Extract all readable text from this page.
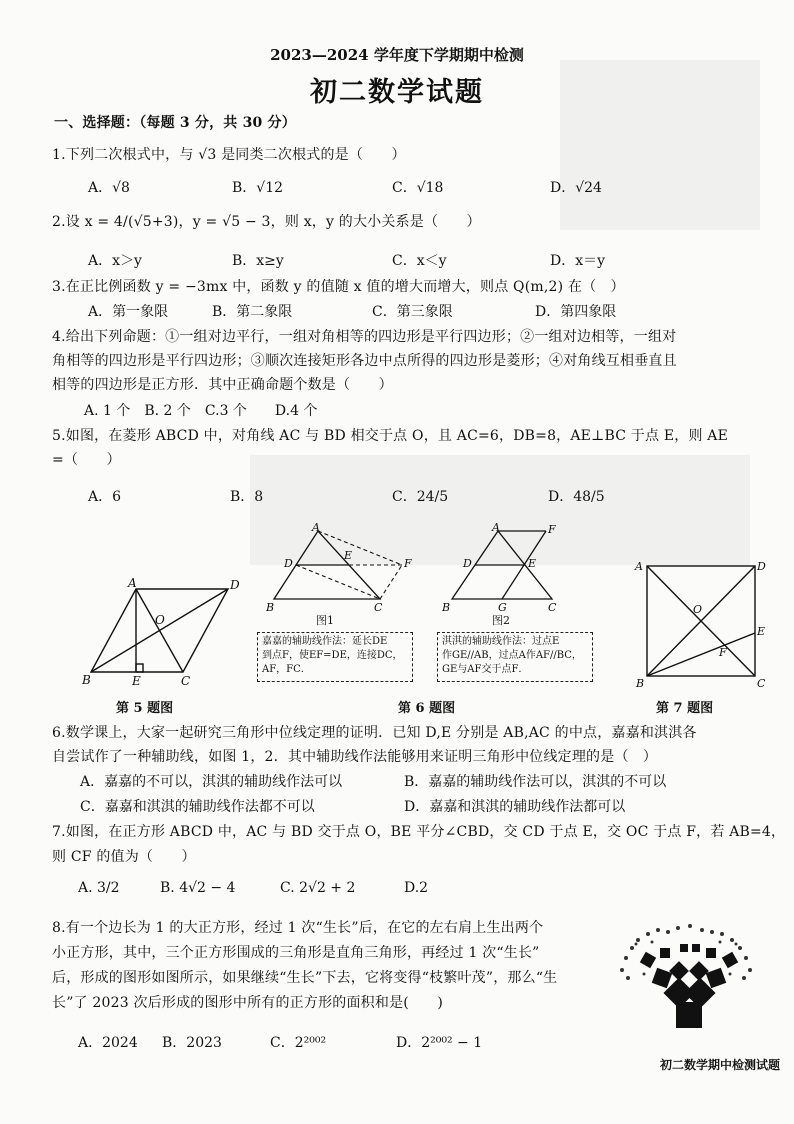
2023—2024 学年度下学期期中检测
初二数学试题
一、选择题：（每题 3 分，共 30 分）
1.下列二次根式中，与 √3 是同类二次根式的是（　　）
A．√8	B．√12	C．√18	D．√24
2.设 x = 4/(√5+3)，y = √5 − 3，则 x，y 的大小关系是（　　）
A．x＞y	B．x≥y	C．x＜y	D．x＝y
3.在正比例函数 y = −3mx 中，函数 y 的值随 x 值的增大而增大，则点 Q(m,2) 在（　）
A．第一象限	B．第二象限	C．第三象限	D．第四象限
4.给出下列命题：①一组对边平行，一组对角相等的四边形是平行四边形；②一组对边相等，一组对
角相等的四边形是平行四边形；③顺次连接矩形各边中点所得的四边形是菱形；④对角线互相垂直且
相等的四边形是正方形．其中正确命题个数是（　　）
A. 1 个　B. 2 个　C.3 个　　D.4 个
5.如图，在菱形 ABCD 中，对角线 AC 与 BD 相交于点 O，且 AC=6，DB=8，AE⊥BC 于点 E，则 AE
=（　　）
A．6	B．8	C．24/5	D．48/5
A	D
O
B	E	C
第 5 题图
A
D
E
F
B	C
图1
A	F
D	E
B	G	C
图2
嘉嘉的辅助线作法：延长DE
到点F，使EF=DE，连接DC，
AF，FC．
淇淇的辅助线作法：过点E
作GE//AB，过点A作AF//BC，
GE与AF交于点F．
第 6 题图
A	D
O
E
F
B	C
第 7 题图
6.数学课上，大家一起研究三角形中位线定理的证明．已知 D,E 分别是 AB,AC 的中点，嘉嘉和淇淇各
自尝试作了一种辅助线，如图 1，2．其中辅助线作法能够用来证明三角形中位线定理的是（　）
A．嘉嘉的不可以，淇淇的辅助线作法可以	B．嘉嘉的辅助线作法可以，淇淇的不可以
C．嘉嘉和淇淇的辅助线作法都不可以	D．嘉嘉和淇淇的辅助线作法都可以
7.如图，在正方形 ABCD 中，AC 与 BD 交于点 O，BE 平分∠CBD，交 CD 于点 E，交 OC 于点 F，若 AB=4，
则 CF 的值为（　　）
A. 3/2	B. 4√2 − 4	C. 2√2 + 2	D.2
8.有一个边长为 1 的大正方形，经过 1 次“生长”后，在它的左右肩上生出两个
小正方形，其中，三个正方形围成的三角形是直角三角形，再经过 1 次“生长”
后，形成的图形如图所示，如果继续“生长”下去，它将变得“枝繁叶茂”，那么“生
长”了 2023 次后形成的图形中所有的正方形的面积和是(　　)
A．2024 B．2023	C．2²⁰⁰²	D．2²⁰⁰² − 1
初二数学期中检测试题
